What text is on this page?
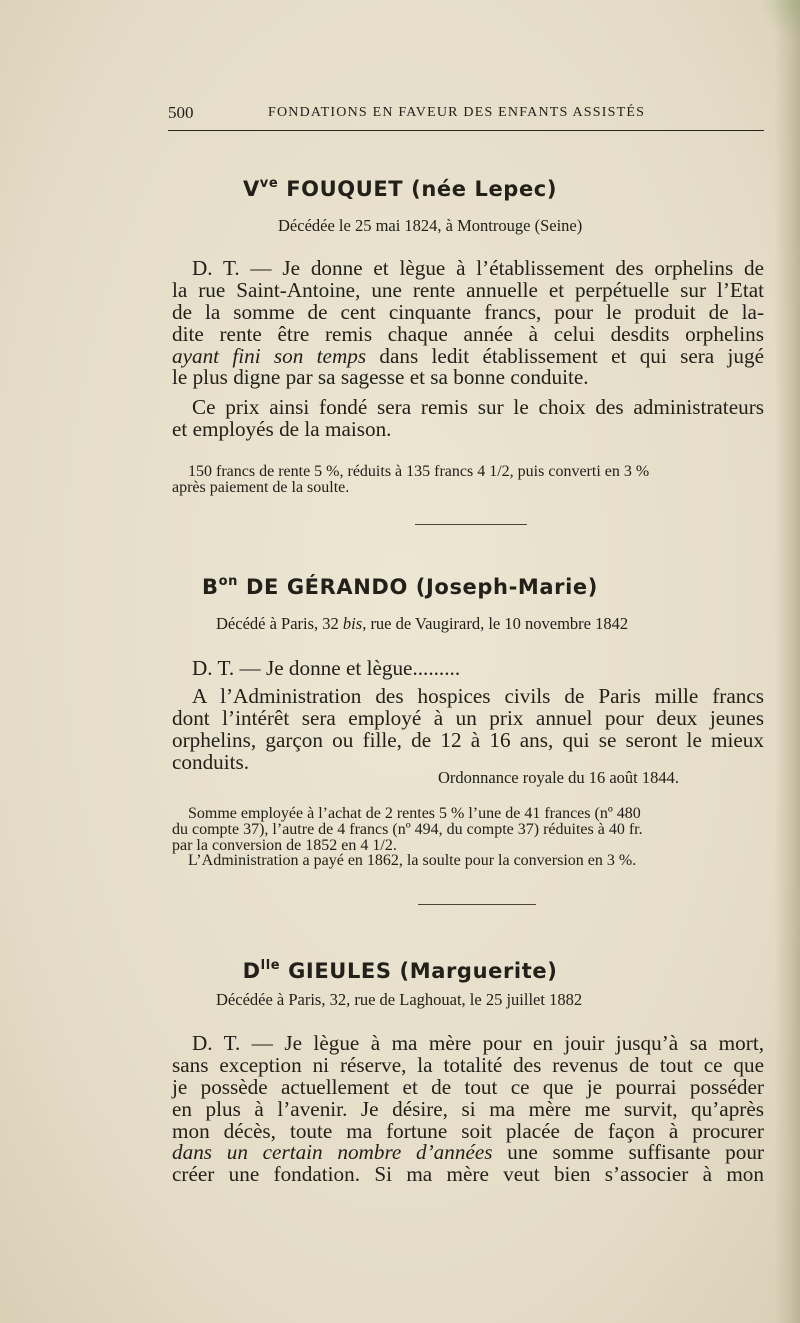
500	FONDATIONS EN FAVEUR DES ENFANTS ASSISTÉS
$V^{ve}$ FOUQUET (née Lepec)
Décédée le 25 mai 1824, à Montrouge (Seine)
D. T. — Je donne et lègue à l’établissement des orphelins de
la rue Saint-Antoine, une rente annuelle et perpétuelle sur l’Etat
de la somme de cent cinquante francs, pour le produit de la-
dite rente être remis chaque année à celui desdits orphelins
ayant fini son temps dans ledit établissement et qui sera jugé
le plus digne par sa sagesse et sa bonne conduite.
Ce prix ainsi fondé sera remis sur le choix des administrateurs
et employés de la maison.
150 francs de rente 5 %, réduits à 135 francs 4 1/2, puis converti en 3 %
après paiement de la soulte.
$B^{on}$ DE GÉRANDO (Joseph-Marie)
Décédé à Paris, 32 bis, rue de Vaugirard, le 10 novembre 1842
D. T. — Je donne et lègue.........
A l’Administration des hospices civils de Paris mille francs
dont l’intérêt sera employé à un prix annuel pour deux jeunes
orphelins, garçon ou fille, de 12 à 16 ans, qui se seront le mieux
conduits.
Ordonnance royale du 16 août 1844.
Somme employée à l’achat de 2 rentes 5 % l’une de 41 frances (nº 480
du compte 37), l’autre de 4 francs (nº 494, du compte 37) réduites à 40 fr.
par la conversion de 1852 en 4 1/2.
L’Administration a payé en 1862, la soulte pour la conversion en 3 %.
$D^{lle}$ GIEULES (Marguerite)
Décédée à Paris, 32, rue de Laghouat, le 25 juillet 1882
D. T. — Je lègue à ma mère pour en jouir jusqu’à sa mort,
sans exception ni réserve, la totalité des revenus de tout ce que
je possède actuellement et de tout ce que je pourrai posséder
en plus à l’avenir. Je désire, si ma mère me survit, qu’après
mon décès, toute ma fortune soit placée de façon à procurer
dans un certain nombre d’années une somme suffisante pour
créer une fondation. Si ma mère veut bien s’associer à mon
